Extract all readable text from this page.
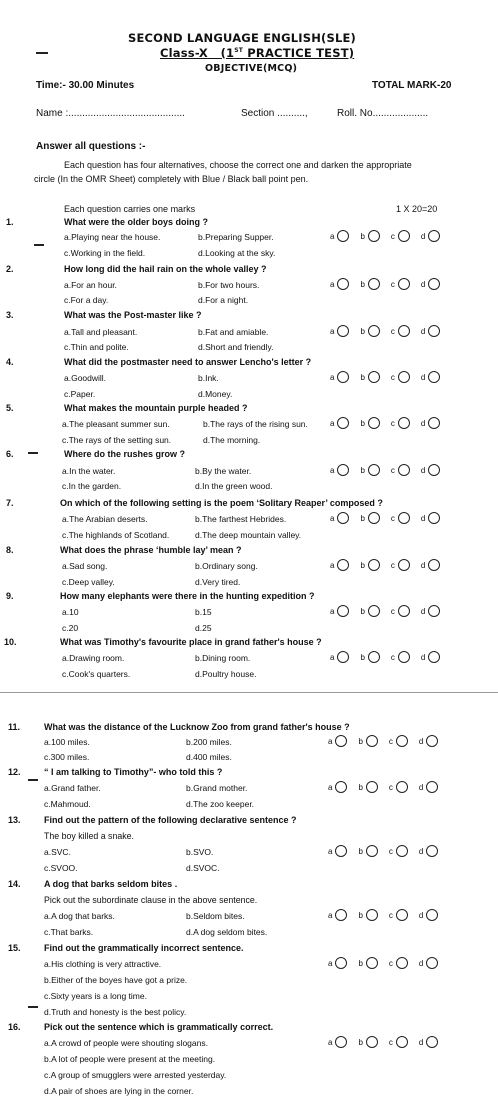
SECOND LANGUAGE ENGLISH(SLE)
Class-X (1ST PRACTICE TEST)
OBJECTIVE(MCQ)
Time:- 30.00 Minutes	TOTAL MARK-20
Name :..........................................	Section ..........,	Roll. No....................
Answer all questions :-
Each question has four alternatives, choose the correct one and darken the appropriate
circle (In the OMR Sheet) completely with Blue / Black ball point pen.
Each question carries one marks	1 X 20=20
1.	What were the older boys doing ?
a.Playing near the house.	b.Preparing Supper.
c.Working in the field.	d.Looking at the sky.
a	b	c	d
2.	How long did the hail rain on the whole valley ?
a.For an hour.	b.For two hours.
c.For a day.	d.For a night.
a	b	c	d
3.	What was the Post-master like ?
a.Tall and pleasant.	b.Fat and amiable.
c.Thin and polite.	d.Short and friendly.
a	b	c	d
4.	What did the postmaster need to answer Lencho's letter ?
a.Goodwill.	b.Ink.
c.Paper.	d.Money.
a	b	c	d
5.	What makes the mountain purple headed ?
a.The pleasant summer sun.	b.The rays of the rising sun.
c.The rays of the setting sun.	d.The morning.
a	b	c	d
6.	Where do the rushes grow ?
a.In the water.	b.By the water.
c.In the garden.	d.In the green wood.
a	b	c	d
7.	On which of the following setting is the poem ‘Solitary Reaper’ composed ?
a.The Arabian deserts.	b.The farthest Hebrides.
c.The highlands of Scotland.	d.The deep mountain valley.
a	b	c	d
8.	What does the phrase ‘humble lay’ mean ?
a.Sad song.	b.Ordinary song.
c.Deep valley.	d.Very tired.
a	b	c	d
9.	How many elephants were there in the hunting expedition ?
a.10	b.15
c.20	d.25
a	b	c	d
10.	What was Timothy's favourite place in grand father's house ?
a.Drawing room.	b.Dining room.
c.Cook's quarters.	d.Poultry house.
a	b	c	d
11.	What was the distance of the Lucknow Zoo from grand father's house ?
a.100 miles.	b.200 miles.
c.300 miles.	d.400 miles.
a	b	c	d
12.	“ I am talking to Timothy”- who told this ?
a.Grand father.	b.Grand mother.
c.Mahmoud.	d.The zoo keeper.
a	b	c	d
13.	Find out the pattern of the following declarative sentence ?
The boy killed a snake.
a.SVC.	b.SVO.
c.SVOO.	d.SVOC.
a	b	c	d
14.	A dog that barks seldom bites .
Pick out the subordinate clause in the above sentence.
a.A dog that barks.	b.Seldom bites.
c.That barks.	d.A dog seldom bites.
a	b	c	d
15.	Find out the grammatically incorrect sentence.
a.His clothing is very attractive.
b.Either of the boyes have got a prize.
c.Sixty years is a long time.
d.Truth and honesty is the best policy.
a	b	c	d
16.	Pick out the sentence which is grammatically correct.
a.A crowd of people were shouting slogans.
b.A lot of people were present at the meeting.
c.A group of smugglers were arrested yesterday.
d.A pair of shoes are lying in the corner.
a	b	c	d
